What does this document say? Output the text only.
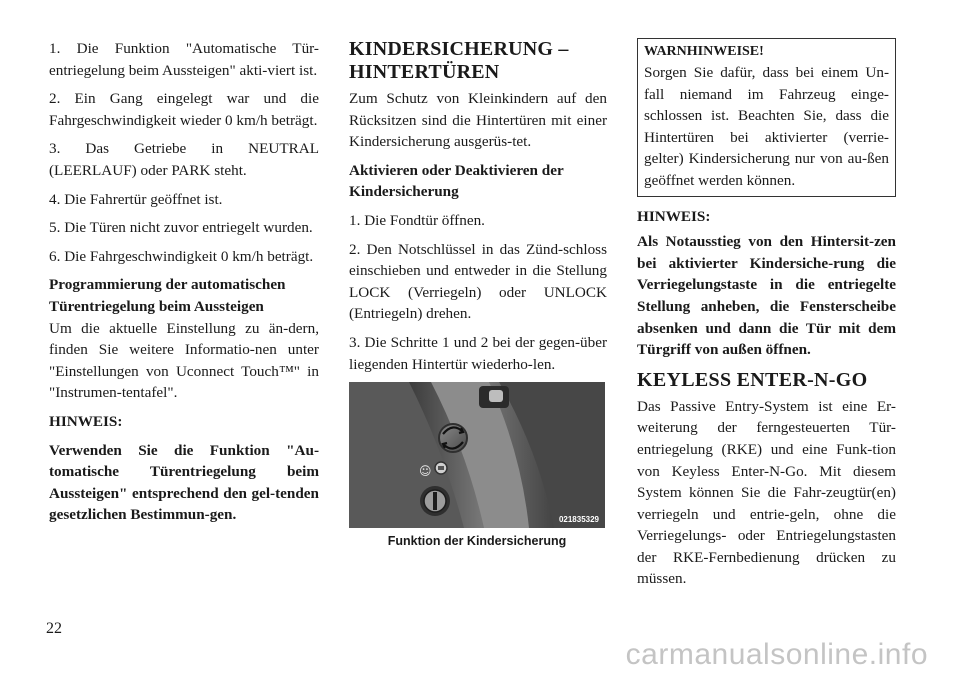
1. Die Funktion "Automatische Tür-entriegelung beim Aussteigen" akti-viert ist.

2. Ein Gang eingelegt war und die Fahrgeschwindigkeit wieder 0 km/h beträgt.

3. Das Getriebe in NEUTRAL (LEERLAUF) oder PARK steht.

4. Die Fahrertür geöffnet ist.

5. Die Türen nicht zuvor entriegelt wurden.

6. Die Fahrgeschwindigkeit 0 km/h beträgt.

Programmierung der automatischen Türentriegelung beim Aussteigen

Um die aktuelle Einstellung zu än-dern, finden Sie weitere Informatio-nen unter "Einstellungen von Uconnect Touch™" in "Instrumen-tentafel".

HINWEIS:

Verwenden Sie die Funktion "Au-tomatische Türentriegelung beim Aussteigen" entsprechend den gel-tenden gesetzlichen Bestimmun-gen.

KINDERSICHERUNG – HINTERTÜREN

Zum Schutz von Kleinkindern auf den Rücksitzen sind die Hintertüren mit einer Kindersicherung ausgerüs-tet.

Aktivieren oder Deaktivieren der Kindersicherung

1. Die Fondtür öffnen.

2. Den Notschlüssel in das Zünd-schloss einschieben und entweder in die Stellung LOCK (Verriegeln) oder UNLOCK (Entriegeln) drehen.

3. Die Schritte 1 und 2 bei der gegen-über liegenden Hintertür wiederho-len.

☺
021835329
Funktion der Kindersicherung
WARNHINWEISE!

Sorgen Sie dafür, dass bei einem Un-fall niemand im Fahrzeug einge-schlossen ist. Beachten Sie, dass die Hintertüren bei aktivierter (verrie-gelter) Kindersicherung nur von au-ßen geöffnet werden können.

HINWEIS:

Als Notausstieg von den Hintersit-zen bei aktivierter Kindersiche-rung die Verriegelungstaste in die entriegelte Stellung anheben, die Fensterscheibe absenken und dann die Tür mit dem Türgriff von außen öffnen.

KEYLESS ENTER-N-GO

Das Passive Entry-System ist eine Er-weiterung der ferngesteuerten Tür-entriegelung (RKE) und eine Funk-tion von Keyless Enter-N-Go. Mit diesem System können Sie die Fahr-zeugtür(en) verriegeln und entrie-geln, ohne die Verriegelungs- oder Entriegelungstasten der RKE-Fernbedienung drücken zu müssen.

22
carmanualsonline.info
